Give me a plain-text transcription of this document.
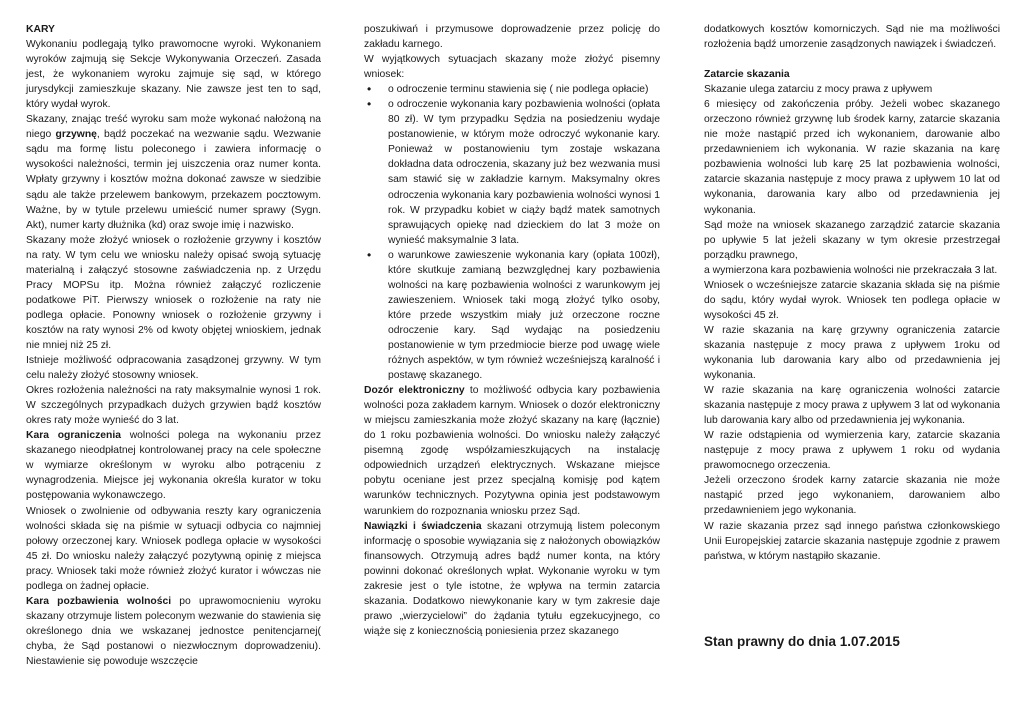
KARY

Wykonaniu podlegają tylko prawomocne wyroki. Wykonaniem wyroków zajmują się Sekcje Wykonywania Orzeczeń. Zasada jest, że wykonaniem wyroku zajmuje się sąd, w którego jurysdykcji zamieszkuje skazany. Nie zawsze jest ten to sąd, który wydał wyrok.

Skazany, znając treść wyroku sam może wykonać nałożoną na niego grzywnę, bądź poczekać na wezwanie sądu. Wezwanie sądu ma formę listu poleconego i zawiera informację o wysokości należności, termin jej uiszczenia oraz numer konta. Wpłaty grzywny i kosztów można dokonać zawsze w siedzibie sądu ale także przelewem bankowym, przekazem pocztowym. Ważne, by w tytule przelewu umieścić numer sprawy (Sygn. Akt), numer karty dłużnika (kd) oraz swoje imię i nazwisko.

Skazany może złożyć wniosek o rozłożenie grzywny i kosztów na raty. W tym celu we wniosku należy opisać swoją sytuację materialną i załączyć stosowne zaświadczenia np. z Urzędu Pracy MOPSu itp. Można również załączyć rozliczenie podatkowe PiT. Pierwszy wniosek o rozłożenie na raty nie podlega opłacie. Ponowny wniosek o rozłożenie grzywny i kosztów na raty wynosi 2% od kwoty objętej wnioskiem, jednak nie mniej niż 25 zł.

Istnieje możliwość odpracowania zasądzonej grzywny. W tym celu należy złożyć stosowny wniosek.

Okres rozłożenia należności na raty maksymalnie wynosi 1 rok. W szczególnych przypadkach dużych grzywien bądź kosztów okres raty może wynieść do 3 lat.

Kara ograniczenia wolności polega na wykonaniu przez skazanego nieodpłatnej kontrolowanej pracy na cele społeczne w wymiarze określonym w wyroku albo potrąceniu z wynagrodzenia. Miejsce jej wykonania określa kurator w toku postępowania wykonawczego.

Wniosek o zwolnienie od odbywania reszty kary ograniczenia wolności składa się na piśmie w sytuacji odbycia co najmniej połowy orzeczonej kary. Wniosek podlega opłacie w wysokości 45 zł. Do wniosku należy załączyć pozytywną opinię z miejsca pracy. Wniosek taki może również złożyć kurator i wówczas nie podlega on żadnej opłacie.

Kara pozbawienia wolności po uprawomocnieniu wyroku skazany otrzymuje listem poleconym wezwanie do stawienia się określonego dnia we wskazanej jednostce penitencjarnej( chyba, że Sąd postanowi o niezwłocznym doprowadzeniu). Niestawienie się powoduje wszczęcie

poszukiwań i przymusowe doprowadzenie przez policję do zakładu karnego.

W wyjątkowych sytuacjach skazany może złożyć pisemny wniosek:

• o odroczenie terminu stawienia się ( nie podlega opłacie)
• o odroczenie wykonania kary pozbawienia wolności (opłata 80 zł). W tym przypadku Sędzia na posiedzeniu wydaje postanowienie, w którym może odroczyć wykonanie kary. Ponieważ w postanowieniu tym zostaje wskazana dokładna data odroczenia, skazany już bez wezwania musi sam stawić się w zakładzie karnym. Maksymalny okres odroczenia wykonania kary pozbawienia wolności wynosi 1 rok. W przypadku kobiet w ciąży bądź matek samotnych sprawujących opiekę nad dzieckiem do lat 3 może on wynieść maksymalnie 3 lata.
• o warunkowe zawieszenie wykonania kary (opłata 100zł), które skutkuje zamianą bezwzględnej kary pozbawienia wolności na karę pozbawienia wolności z warunkowym jej zawieszeniem. Wniosek taki mogą złożyć tylko osoby, które przede wszystkim miały już orzeczone roczne odroczenie kary. Sąd wydając na posiedzeniu postanowienie w tym przedmiocie bierze pod uwagę wiele różnych aspektów, w tym również wcześniejszą karalność i postawę skazanego.

Dozór elektroniczny to możliwość odbycia kary pozbawienia wolności poza zakładem karnym. Wniosek o dozór elektroniczny w miejscu zamieszkania może złożyć skazany na karę (łącznie) do 1 roku pozbawienia wolności. Do wniosku należy załączyć pisemną zgodę współzamieszkujących na instalację odpowiednich urządzeń elektrycznych. Wskazane miejsce pobytu oceniane jest przez specjalną komisję pod kątem warunków technicznych. Pozytywna opinia jest podstawowym warunkiem do rozpoznania wniosku przez Sąd.

Nawiązki i świadczenia skazani otrzymują listem poleconym informację o sposobie wywiązania się z nałożonych obowiązków finansowych. Otrzymują adres bądź numer konta, na który powinni dokonać określonych wpłat. Wykonanie wyroku w tym zakresie jest o tyle istotne, że wpływa na termin zatarcia skazania. Dodatkowo niewykonanie kary w tym zakresie daje prawo „wierzycielowi” do żądania tytułu egzekucyjnego, co wiąże się z koniecznością poniesienia przez skazanego

dodatkowych kosztów komorniczych. Sąd nie ma możliwości rozłożenia bądź umorzenie zasądzonych nawiązek i świadczeń.

Zatarcie skazania

Skazanie ulega zatarciu z mocy prawa z upływem

6 miesięcy od zakończenia próby. Jeżeli wobec skazanego orzeczono również grzywnę lub środek karny, zatarcie skazania nie może nastąpić przed ich wykonaniem, darowanie albo przedawnieniem ich wykonania. W razie skazania na karę pozbawienia wolności lub karę 25 lat pozbawienia wolności, zatarcie skazania następuje z mocy prawa z upływem 10 lat od wykonania, darowania kary albo od przedawnienia jej wykonania.

Sąd może na wniosek skazanego zarządzić zatarcie skazania po upływie 5 lat jeżeli skazany w tym okresie przestrzegał porządku prawnego,

a wymierzona kara pozbawienia wolności nie przekraczała 3 lat.

Wniosek o wcześniejsze zatarcie skazania składa się na piśmie do sądu, który wydał wyrok. Wniosek ten podlega opłacie w wysokości 45 zł.

W razie skazania na karę grzywny ograniczenia zatarcie skazania następuje z mocy prawa z upływem 1roku od wykonania lub darowania kary albo od przedawnienia jej wykonania.

W razie skazania na karę ograniczenia wolności zatarcie skazania następuje z mocy prawa z upływem 3 lat od wykonania lub darowania kary albo od przedawnienia jej wykonania.

W razie odstąpienia od wymierzenia kary, zatarcie skazania następuje z mocy prawa z upływem 1 roku od wydania prawomocnego orzeczenia.

Jeżeli orzeczono środek karny zatarcie skazania nie może nastąpić przed jego wykonaniem, darowaniem albo przedawnieniem jego wykonania.

W razie skazania przez sąd innego państwa członkowskiego Unii Europejskiej zatarcie skazania następuje zgodnie z prawem państwa, w którym nastąpiło skazanie.

Stan prawny do dnia 1.07.2015
